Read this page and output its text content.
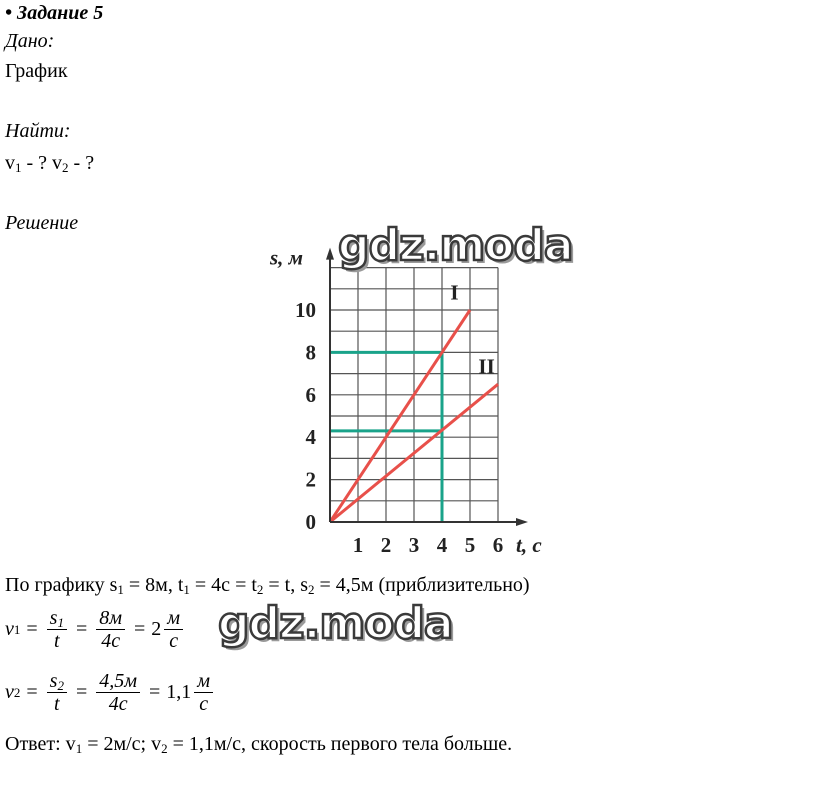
• Задание 5
Дано:
График
Найти:
$v_1$ - ? $v_2$ - ?
Решение
1 2 3 4 5 6
0
2
4
6
8
10
s, м
t, с
I
II
gdz.moda
По графику $s_1 = 8м$, $t_1 = 4с = t_2 = t$, $s_2 = 4,5м$ (приблизительно)
v $1 = \frac{s_1}{t} = \frac{8м}{4с} = 2 \frac{м}{с}$ gdz.moda
v $2 = \frac{s_2}{t} = \frac{4,5м}{4с} = 1,1 \frac{м}{с}$
Ответ: $v_1 = 2м/с$; $v_2 = 1,1м/с$, скорость первого тела больше.
